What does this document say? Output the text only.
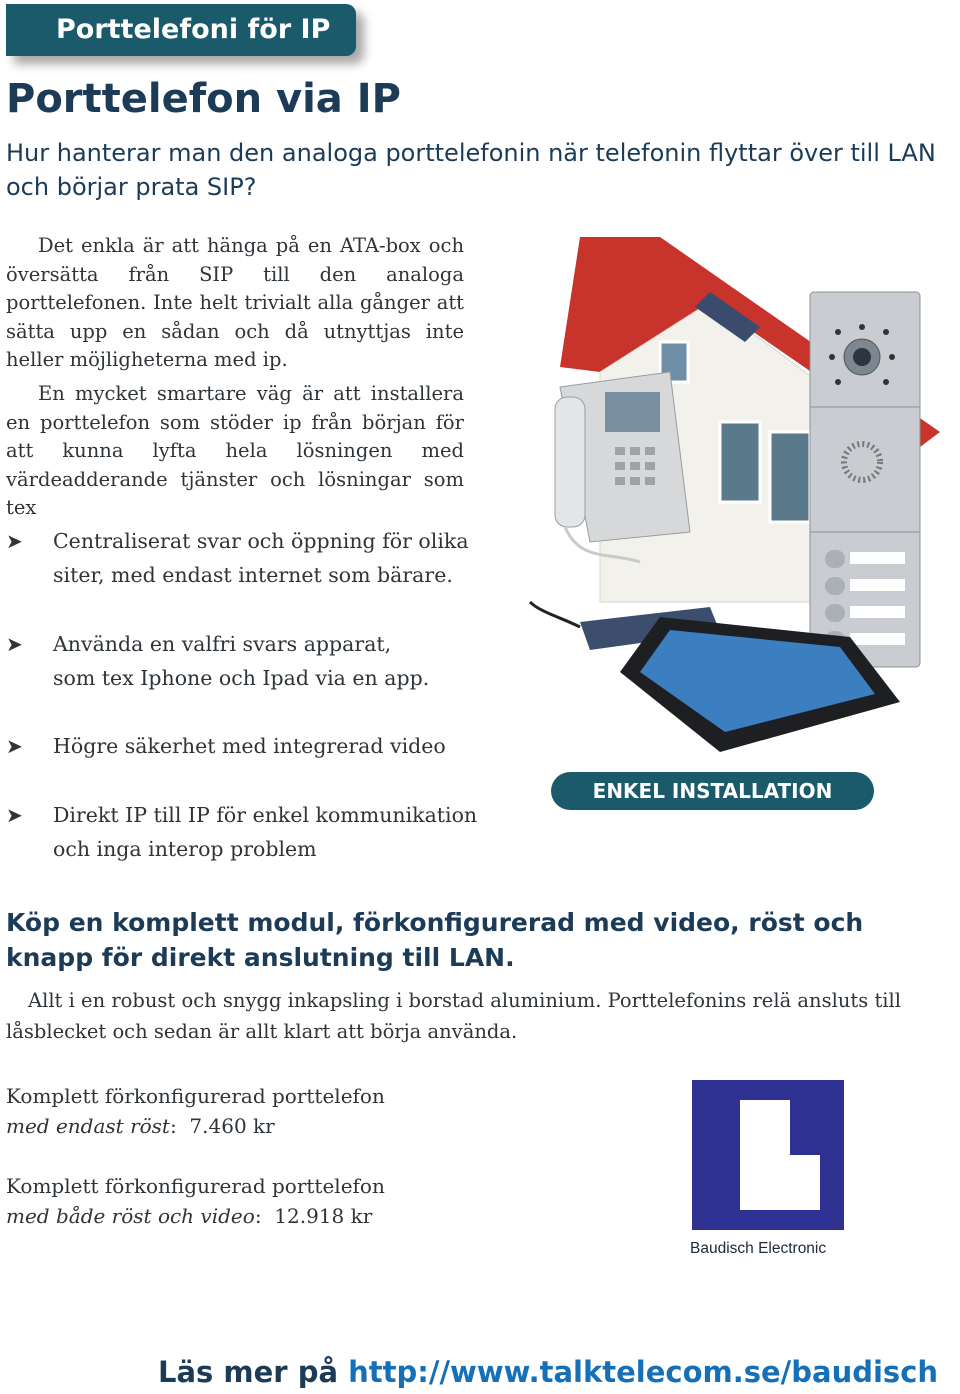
Porttelefoni för IP
Porttelefon via IP
Hur hanterar man den analoga porttelefonin när telefonin flyttar över till LAN och börjar prata SIP?
Det enkla är att hänga på en ATA-box och översätta från SIP till den analoga porttelefonen. Inte helt trivialt alla gånger att sätta upp en sådan och då utnyttjas inte heller möjligheterna med ip.
En mycket smartare väg är att installera en porttelefon som stöder ip från början för att kunna lyfta hela lösningen med värdeadderande tjänster och lösningar som tex
➤ Centraliserat svar och öppning för olika siter, med endast internet som bärare.
➤ Använda en valfri svars apparat, som tex Iphone och Ipad via en app.
➤ Högre säkerhet med integrerad video
➤ Direkt IP till IP för enkel kommunikation och inga interop problem
ENKEL INSTALLATION
Köp en komplett modul, förkonfigurerad med video, röst och knapp för direkt anslutning till LAN.
Allt i en robust och snygg inkapsling i borstad aluminium. Porttelefonins relä ansluts till låsblecket och sedan är allt klart att börja använda.
Komplett förkonfigurerad porttelefon
med endast röst:  7.460 kr
Komplett förkonfigurerad porttelefon
med både röst och video:  12.918 kr
Baudisch Electronic
Läs mer på http://www.talktelecom.se/baudisch
